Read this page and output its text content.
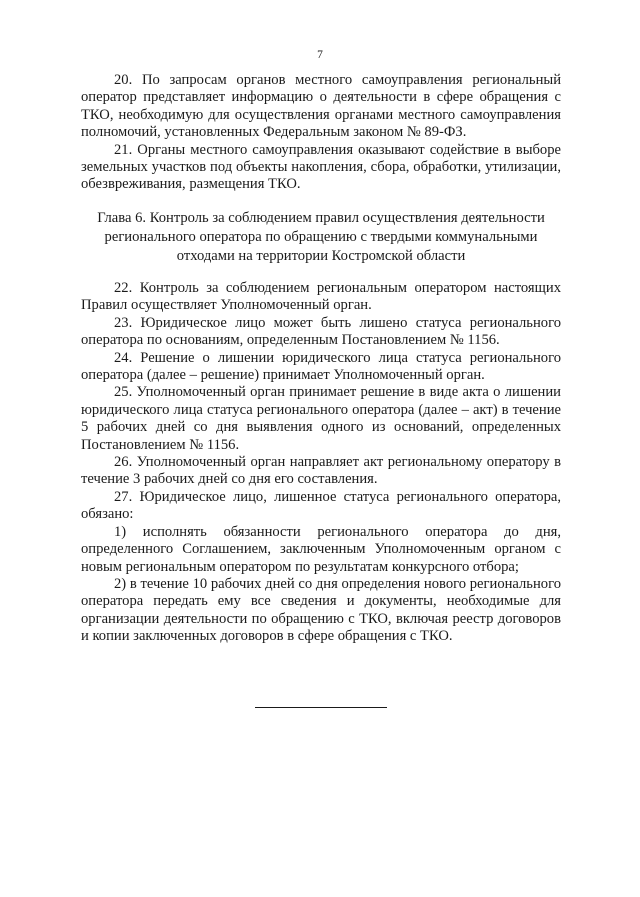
7

20. По запросам органов местного самоуправления региональный оператор представляет информацию о деятельности в сфере обращения с ТКО, необходимую для осуществления органами местного самоуправления полномочий, установленных Федеральным законом № 89-ФЗ.

21. Органы местного самоуправления оказывают содействие в выборе земельных участков под объекты накопления, сбора, обработки, утилизации, обезвреживания, размещения ТКО.

Глава 6. Контроль за соблюдением правил осуществления деятельности регионального оператора по обращению с твердыми коммунальными отходами на территории Костромской области

22. Контроль за соблюдением региональным оператором настоящих Правил осуществляет Уполномоченный орган.

23. Юридическое лицо может быть лишено статуса регионального оператора по основаниям, определенным Постановлением № 1156.

24. Решение о лишении юридического лица статуса регионального оператора (далее – решение) принимает Уполномоченный орган.

25. Уполномоченный орган принимает решение в виде акта о лишении юридического лица статуса регионального оператора (далее – акт) в течение 5 рабочих дней со дня выявления одного из оснований, определенных Постановлением № 1156.

26. Уполномоченный орган направляет акт региональному оператору в течение 3 рабочих дней со дня его составления.

27. Юридическое лицо, лишенное статуса регионального оператора, обязано:

1) исполнять обязанности регионального оператора до дня, определенного Соглашением, заключенным Уполномоченным органом с новым региональным оператором по результатам конкурсного отбора;

2) в течение 10 рабочих дней со дня определения нового регионального оператора передать ему все сведения и документы, необходимые для организации деятельности по обращению с ТКО, включая реестр договоров и копии заключенных договоров в сфере обращения с ТКО.
